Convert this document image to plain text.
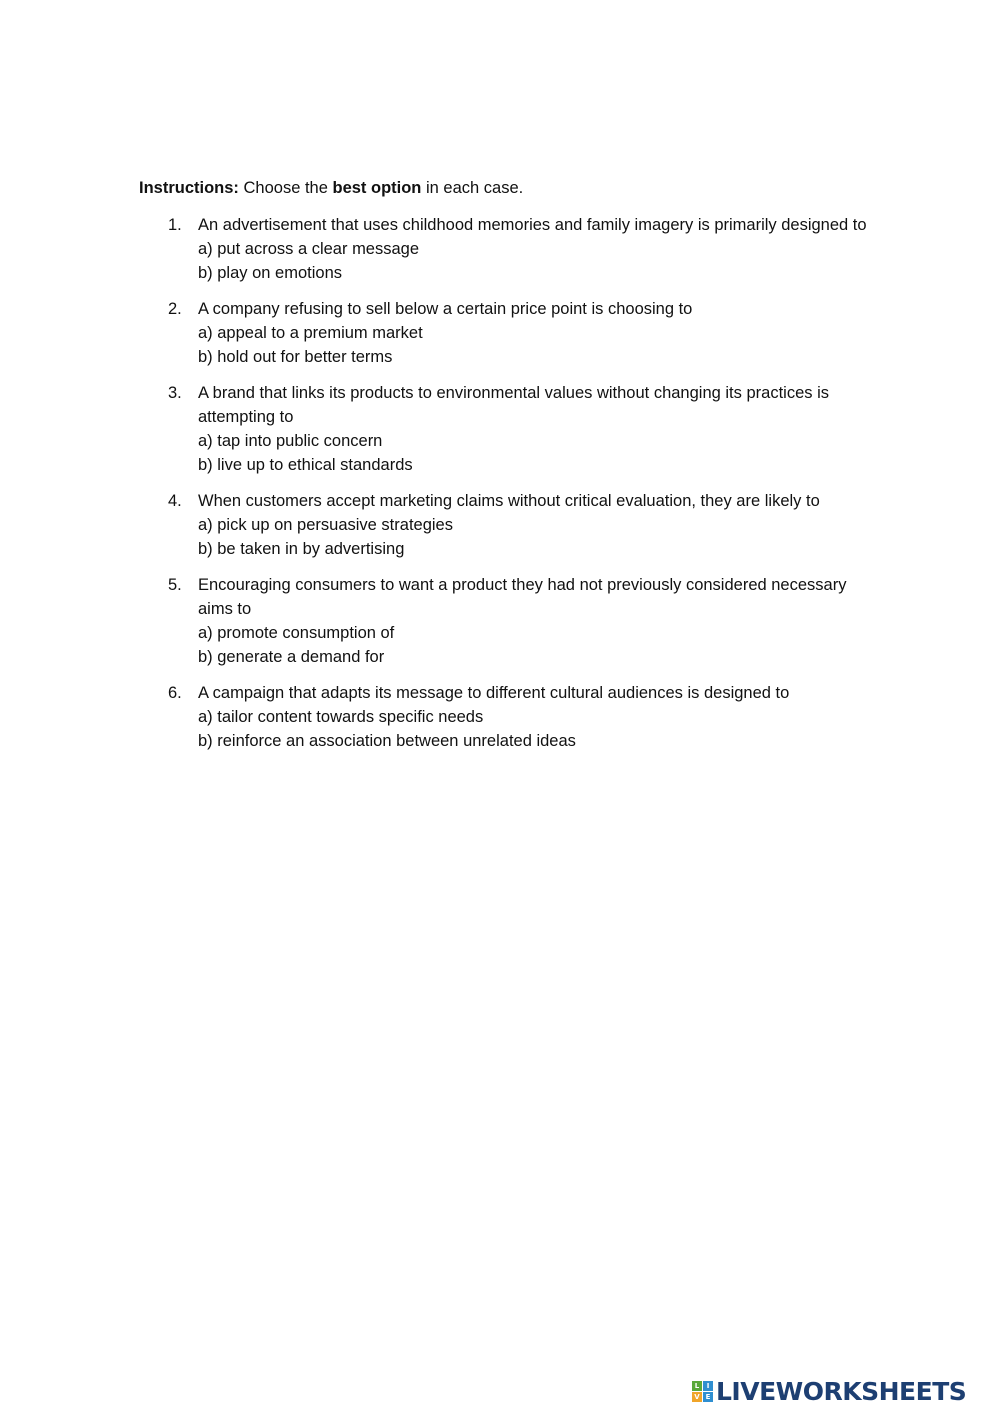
Instructions: Choose the best option in each case.

1. An advertisement that uses childhood memories and family imagery is primarily designed to
a) put across a clear message
b) play on emotions
2. A company refusing to sell below a certain price point is choosing to
a) appeal to a premium market
b) hold out for better terms
3. A brand that links its products to environmental values without changing its practices is attempting to
a) tap into public concern
b) live up to ethical standards
4. When customers accept marketing claims without critical evaluation, they are likely to
a) pick up on persuasive strategies
b) be taken in by advertising
5. Encouraging consumers to want a product they had not previously considered necessary aims to
a) promote consumption of
b) generate a demand for
6. A campaign that adapts its message to different cultural audiences is designed to
a) tailor content towards specific needs
b) reinforce an association between unrelated ideas
L	I
V E LIVEWORKSHEETS
